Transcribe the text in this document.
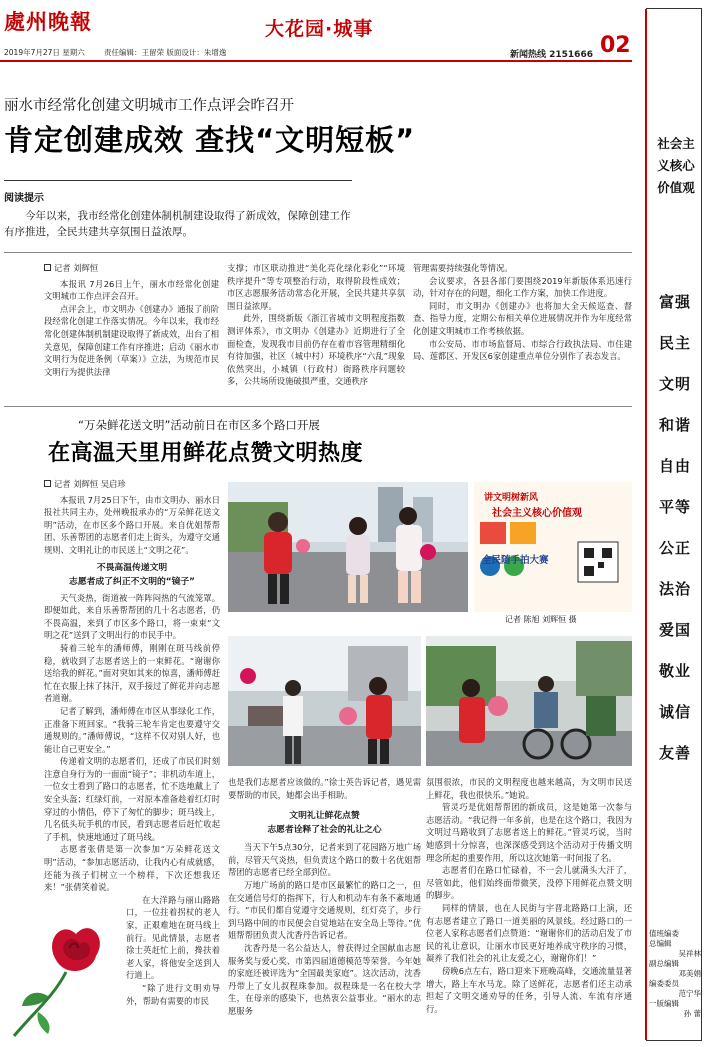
處州晚報	大花园·城事
2019年7月27日 星期六	责任编辑：王留荣 版面设计：朱增逸	新闻热线 2151666 02
丽水市经常化创建文明城市工作点评会昨召开
肯定创建成效 查找“文明短板”
阅读提示
今年以来，我市经常化创建体制机制建设取得了新成效，保障创建工作有序推进，全民共建共享氛围日益浓厚。
记者 刘辉恒

本报讯 7月26日上午，丽水市经常化创建文明城市工作点评会召开。

点评会上，市文明办《创建办》通报了前阶段经常化创建工作落实情况。今年以来，我市经常化创建体制机制建设取得了新成效，出台了相关意见，保障创建工作有序推进；启动《丽水市文明行为促进条例（草案）》立法，为规范市民文明行为提供法律

支撑；市区联动推进“美化亮化绿化彩化”“环境秩序提升”等专项整治行动，取得阶段性成效；市区志愿服务活动常态化开展，全民共建共享氛围日益浓厚。

此外，围绕新版《浙江省城市文明程度指数测评体系》，市文明办《创建办》近期进行了全面检查，发现我市目前仍存在着市容管理精细化有待加强，社区（城中村）环境秩序“六乱”现象依然突出，小城镇（行政村）街路秩序问题较多，公共场所设施破损严重，交通秩序

管理需要持续强化等情况。

会议要求，各县各部门要围绕2019年新版体系迅速行动，针对存在的问题，细化工作方案，加快工作进度。

同时，市文明办《创建办》也将加大全天候巡查、督查、指导力度，定期公布相关单位进展情况并作为年度经常化创建文明城市工作考核依据。

市公安局、市市场监督局、市综合行政执法局、市住建局、莲都区、开发区6家创建重点单位分别作了表态发言。

“万朵鲜花送文明”活动前日在市区多个路口开展
在高温天里用鲜花点赞文明热度
记者 刘辉恒 吴启珍

本报讯 7月25日下午，由市文明办、丽水日报社共同主办，处州晚报承办的“万朵鲜花送文明”活动，在市区多个路口开展。来自优姐帮帮团、乐善帮团的志愿者们走上街头，为遵守交通规则、文明礼让的市民送上“文明之花”。

不畏高温传递文明
志愿者成了纠正不文明的“镜子”

天气炎热，街道被一阵阵闷热的气流笼罩。即便如此，来自乐善帮帮团的几十名志愿者，仍不畏高温，来到了市区多个路口，将一束束“文明之花”送到了文明出行的市民手中。

骑着三轮车的潘师傅，刚刚在斑马线前停稳，就收到了志愿者送上的一束鲜花。“谢谢你送给我的鲜花。”面对突如其来的惊喜，潘师傅赶忙在衣服上抹了抹汗，双手接过了鲜花并向志愿者道谢。

记者了解到，潘师傅在市区从事绿化工作，正准备下班回家。“我骑三轮车肯定也要遵守交通规则的。”潘师傅说，“这样不仅对别人好，也能让自己更安全。”

传递着文明的志愿者们，还成了市民们时刻注意自身行为的一面面“镜子”；非机动车道上，一位女士看到了路口的志愿者，忙不迭地戴上了安全头盔；红绿灯前，一对原本准备趁着红灯时穿过的小情侣，停下了匆忙的脚步；斑马线上，几名低头玩手机的市民，看到志愿者后赶忙收起了手机，快速地通过了斑马线。

志愿者张倩是第一次参加“万朵鲜花送文明”活动，“参加志愿活动，让我内心有成就感，还能为孩子们树立一个榜样，下次还想我还来！”张倩笑着说。

在大洋路与丽山路路口，一位拄着拐杖的老人家，正艰难地在斑马线上前行。见此情景，志愿者徐士英赶忙上前，搀扶着老人家，将他安全送到人行道上。

“除了进行文明劝导外，帮助有需要的市民

讲文明树新风
社会主义核心价值观
全民随手拍大赛
记者 陈旭 刘辉恒 摄

也是我们志愿者应该做的。”徐士英告诉记者，遇见需要帮助的市民，她都会出手相助。

文明礼让鲜花点赞
志愿者诠释了社会的礼让之心

当天下午5点30分，记者来到了花园路万地广场前，尽管天气炎热，但负责这个路口的数十名优姐帮帮团的志愿者已经全部到位。

万地广场前的路口是市区最繁忙的路口之一，但在交通信号灯的指挥下，行人和机动车有条不紊地通行。“市民们都自觉遵守交通规则，红灯亮了，步行到马路中间的市民便会自觉地站在安全岛上等待。”优姐帮帮团负责人沈香丹告诉记者。

沈香丹是一名公益达人，曾获得过全国献血志愿服务奖与爱心奖、市第四届道德模范等荣誉。今年她的家庭还被评选为“全国最美家庭”。这次活动，沈香丹带上了女儿叔程珠参加。叔程珠是一名在校大学生，在母亲的感染下，也热衷公益事业。“丽水的志愿服务

氛围很浓，市民的文明程度也越来越高，为文明市民送上鲜花，我也很快乐。”她说。

管灵巧是优姐帮帮团的新成员，这是她第一次参与志愿活动。“我记得一年多前，也是在这个路口，我因为文明过马路收到了志愿者送上的鲜花。”管灵巧说，当时她感到十分惊喜，也深深感受到这个活动对于传播文明理念所起的重要作用，所以这次她第一时间报了名。

志愿者们在路口忙碌着，不一会儿就满头大汗了，尽管如此，他们始终面带微笑，没停下用鲜花点赞文明的脚步。

同样的情景，也在人民街与宇晋北路路口上演，还有志愿者建立了路口一道美丽的风景线。经过路口的一位老人家称志愿者们点赞道：“谢谢你们的活动启发了市民的礼让意识，让丽水市民更好地养成守秩序的习惯，凝养了我们社会的礼让友爱之心，谢谢你们！”

傍晚6点左右，路口迎来下班晚高峰，交通流量显著增大，路上车水马龙。除了送鲜花，志愿者们还主动承担起了文明交通劝导的任务，引导人流、车流有序通行。

社会主义核心价值观
富强
民主
文明
和谐
自由
平等
公正
法治
爱国
敬业
诚信
友善
值班编委
总编辑
吴祥林
副总编辑
邓美娟
编委委员
范宁华
一版编辑
孙 蕾
